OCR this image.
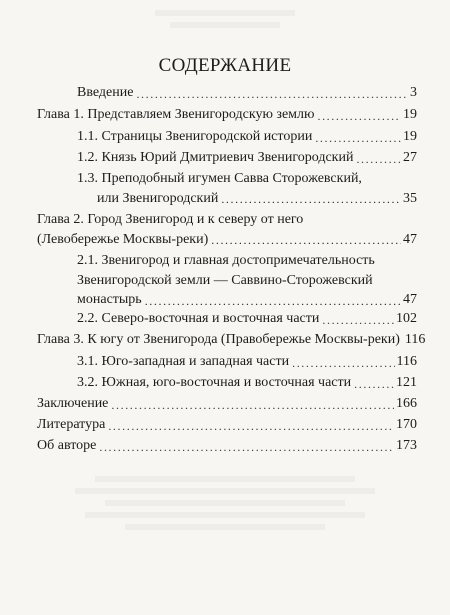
СОДЕРЖАНИЕ
Введение .....	3
Глава 1. Представляем Звенигородскую землю .....	19
1.1. Страницы Звенигородской истории .....	19
1.2. Князь Юрий Дмитриевич Звенигородский .....	27
1.3. Преподобный игумен Савва Сторожевский,
или Звенигородский .....	35
Глава 2. Город Звенигород и к северу от него
(Левобережье Москвы-реки) .....	47
2.1. Звенигород и главная достопримечательность
Звенигородской земли — Саввино-Сторожевский
монастырь .....	47
2.2. Северо-восточная и восточная части .....	102
Глава 3. К югу от Звенигорода (Правобережье Москвы-реки) 116
3.1. Юго-западная и западная части .....	116
3.2. Южная, юго-восточная и восточная части .....	121
Заключение .....	166
Литература .....	170
Об авторе .....	173
